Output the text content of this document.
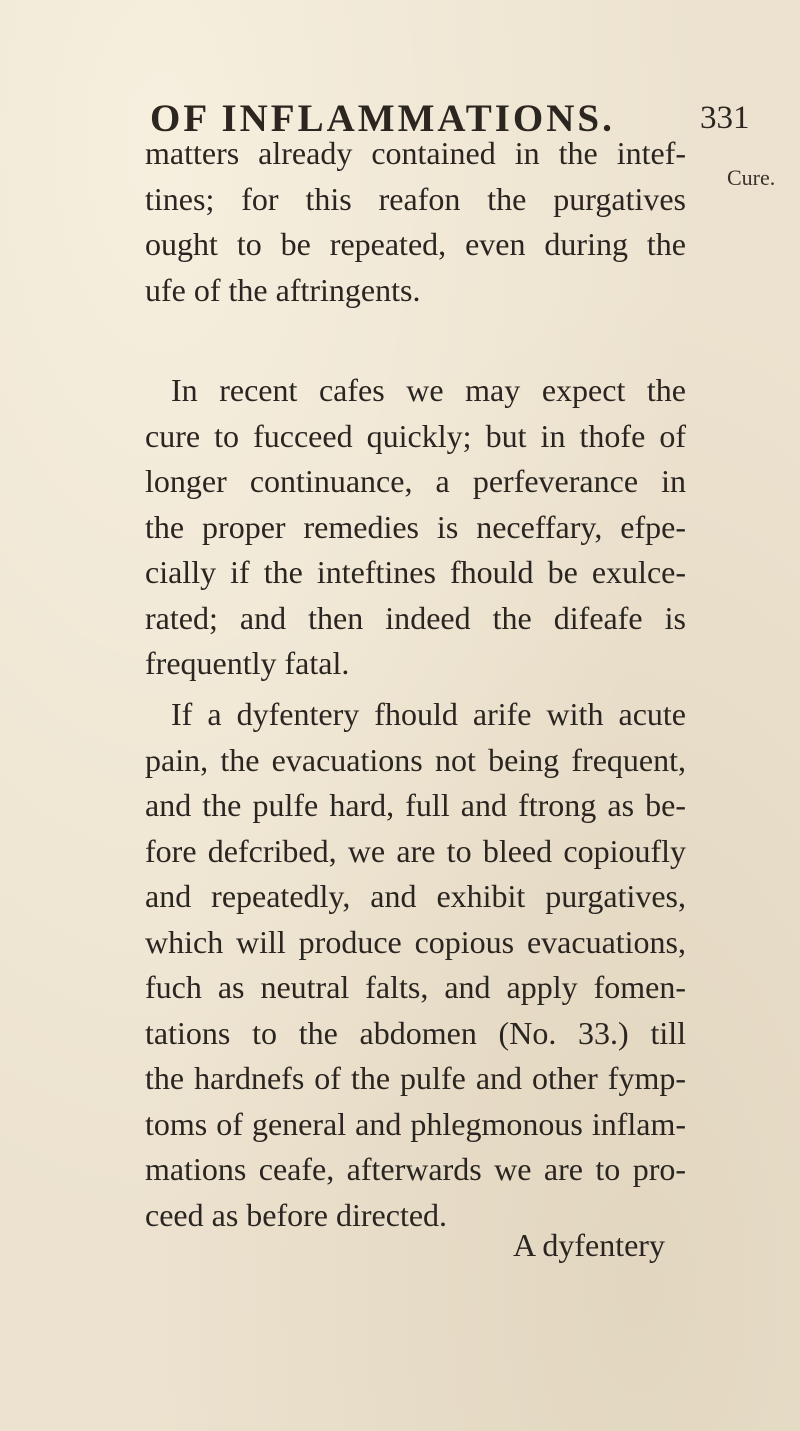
OF INFLAMMATIONS.	331
Cure.
matters already contained in the intef-
tines; for this reafon the purgatives
ought to be repeated, even during the
ufe of the aftringents.
In recent cafes we may expect the
cure to fucceed quickly; but in thofe of
longer continuance, a perfeverance in
the proper remedies is neceffary, efpe-
cially if the inteftines fhould be exulce-
rated; and then indeed the difeafe is
frequently fatal.
If a dyfentery fhould arife with acute
pain, the evacuations not being frequent,
and the pulfe hard, full and ftrong as be-
fore defcribed, we are to bleed copioufly
and repeatedly, and exhibit purgatives,
which will produce copious evacuations,
fuch as neutral falts, and apply fomen-
tations to the abdomen (No. 33.) till
the hardnefs of the pulfe and other fymp-
toms of general and phlegmonous inflam-
mations ceafe, afterwards we are to pro-
ceed as before directed.
A dyfentery
